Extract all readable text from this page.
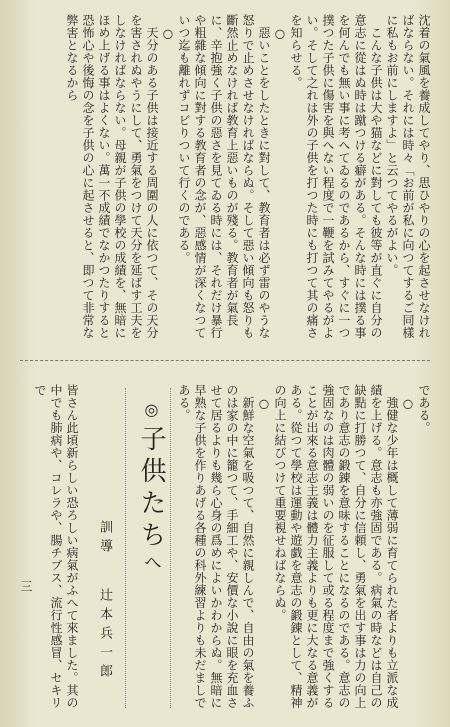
沈着の氣風を養成してやり、思ひやりの心を起させなければならない。それには時々「お前が私に向つてするご同樣に私もお前にしますよ」と云つてやるがよい。
　こんな子供は大や猫などに對しても彼等が直ぐに自分の意志に從はぬ時は蹴つける癖がある。そんな時には撲る事を何んでも無い事に考へてゐるのであるから、すぐに一つ撲つた子供に傷害を與へない程度で一鞭を試みてやるがよい。そして之れは外の子供を打つた時にも打つて其の痛さを知らせる。
　○
　惡いことをしたときに對して、教育者は必ず雷のやうな怒りで止めさせなければならぬ。そして惡い傾向も怒りも斷然止めなければ教育上惡いものが殘る。教育者が氣長に、辛抱強く子供の惡さを見てゐる時には、それだけ暴行や粗雜な傾向に對する教育者の念が、惡感情が深くなつていつ迄も離れずコビりついて行くのである。
　○
　天分のある子供は接近する周圍の人に依つて、その天分を害されぬやうにして、勇氣をつけて天分を延ばす工夫をしなければならない。母親が子供の學校の成績を、無暗にほめ上げる事はよくない。萬一不成績でなかつたりすると恐怖心や後悔の念を子供の心に起させると、即つて非常な弊害となるから
である。
　○
　強健な少年は概して薄弱に育てられた者よりも立派な成績を上げる。意志も亦強固である。病氣の時などは自己の缺點に打勝つて、自分に信頼し、勇氣を出す事は力の向上であり意志の鍛錬を意味することになるのである。意志の強固なのは肉體の弱いのを征服して或る程度まで強くすることが出來る意志主義は體力主義よりも更に大なる意義がある。從つて學校は運動や遊戯を意志の鍛錬として、精神の向上に結びつけて重要視せねばならぬ。
　○
　新鮮な空氣を吸つて、自然に親しんで、自由の氣を養ふのは家の中に籠つて、手細工や、安價な小說に眼を充血させて居るよりも幾ら心身の爲めによいかわからぬ。無暗に早熟な子供を作りあげる各種の科外練習よりも未だましである。
◎子供たちへ
訓導辻本兵一郎
皆さん此頃新らしい恐ろしい病氣がふへて來ました。其の中でも肺病や、コレラや、腸チブス、流行性感冒、セキリで
三
